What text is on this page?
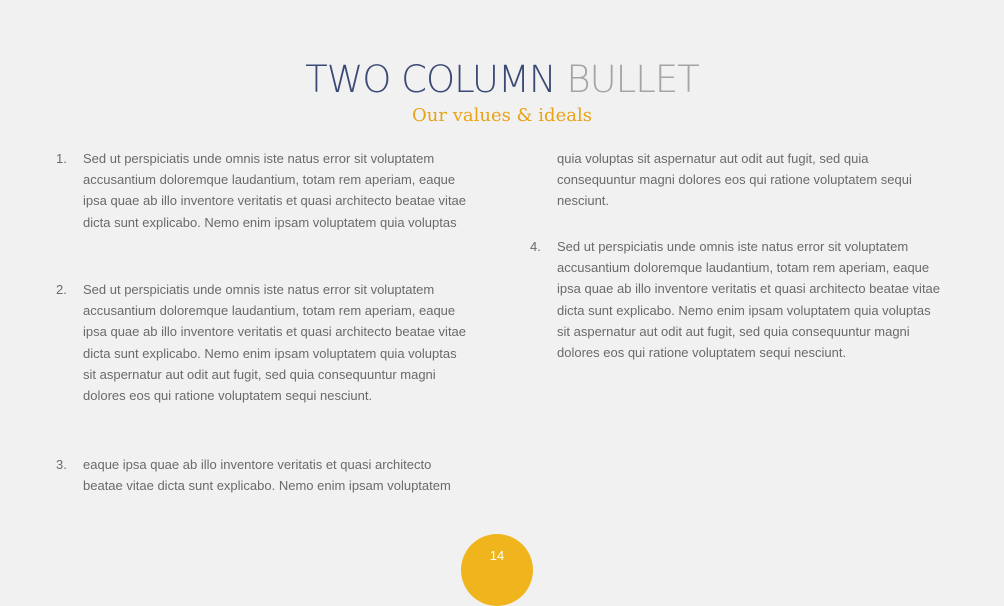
TWO COLUMN BULLET
Our values & ideals
1.	Sed ut perspiciatis unde omnis iste natus error sit voluptatem accusantium doloremque laudantium, totam rem aperiam, eaque ipsa quae ab illo inventore veritatis et quasi architecto beatae vitae dicta sunt explicabo. Nemo enim ipsam voluptatem quia voluptas

2.	Sed ut perspiciatis unde omnis iste natus error sit voluptatem accusantium doloremque laudantium, totam rem aperiam, eaque ipsa quae ab illo inventore veritatis et quasi architecto beatae vitae dicta sunt explicabo. Nemo enim ipsam voluptatem quia voluptas sit aspernatur aut odit aut fugit, sed quia consequuntur magni dolores eos qui ratione voluptatem sequi nesciunt.

3.	eaque ipsa quae ab illo inventore veritatis et quasi architecto beatae vitae dicta sunt explicabo. Nemo enim ipsam voluptatem

quia voluptas sit aspernatur aut odit aut fugit, sed quia consequuntur magni dolores eos qui ratione voluptatem sequi nesciunt.

4.	Sed ut perspiciatis unde omnis iste natus error sit voluptatem accusantium doloremque laudantium, totam rem aperiam, eaque ipsa quae ab illo inventore veritatis et quasi architecto beatae vitae dicta sunt explicabo. Nemo enim ipsam voluptatem quia voluptas sit aspernatur aut odit aut fugit, sed quia consequuntur magni dolores eos qui ratione voluptatem sequi nesciunt.

14
